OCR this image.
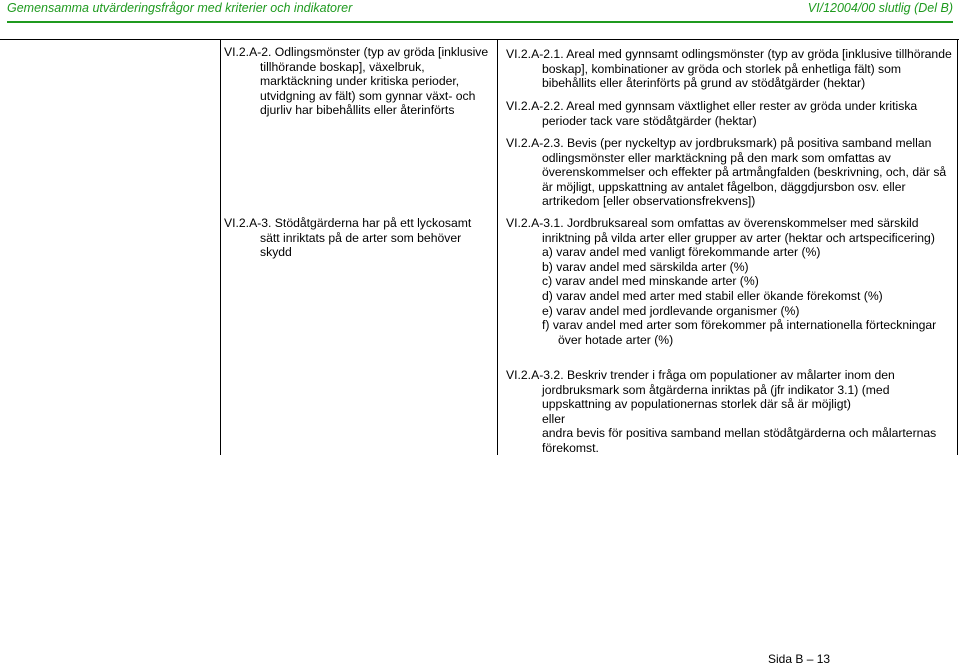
Gemensamma utvärderingsfrågor med kriterier och indikatorer	VI/12004/00 slutlig (Del B)

VI.2.A-2. Odlingsmönster (typ av gröda [inklusive tillhörande boskap], växelbruk, marktäckning under kritiska perioder, utvidgning av fält) som gynnar växt- och djurliv har bibehållits eller återinförts

VI.2.A-3. Stödåtgärderna har på ett lyckosamt sätt inriktats på de arter som behöver skydd

VI.2.A-2.1. Areal med gynnsamt odlingsmönster (typ av gröda [inklusive tillhörande boskap], kombinationer av gröda och storlek på enhetliga fält) som bibehållits eller återinförts på grund av stödåtgärder (hektar)

VI.2.A-2.2. Areal med gynnsam växtlighet eller rester av gröda under kritiska perioder tack vare stödåtgärder (hektar)

VI.2.A-2.3. Bevis (per nyckeltyp av jordbruksmark) på positiva samband mellan odlingsmönster eller marktäckning på den mark som omfattas av överenskommelser och effekter på artmångfalden (beskrivning, och, där så är möjligt, uppskattning av antalet fågelbon, däggdjursbon osv. eller artrikedom [eller observationsfrekvens])

VI.2.A-3.1. Jordbruksareal som omfattas av överenskommelser med särskild inriktning på vilda arter eller grupper av arter (hektar och artspecificering)

a) varav andel med vanligt förekommande arter (%)

b) varav andel med särskilda arter (%)

c) varav andel med minskande arter (%)

d) varav andel med arter med stabil eller ökande förekomst (%)

e) varav andel med jordlevande organismer (%)

f) varav andel med arter som förekommer på internationella förteckningar över hotade arter (%)

VI.2.A-3.2. Beskriv trender i fråga om populationer av målarter inom den jordbruksmark som åtgärderna inriktas på (jfr indikator 3.1) (med uppskattning av populationernas storlek där så är möjligt)

eller

andra bevis för positiva samband mellan stödåtgärderna och målarternas förekomst.

Sida B – 13
